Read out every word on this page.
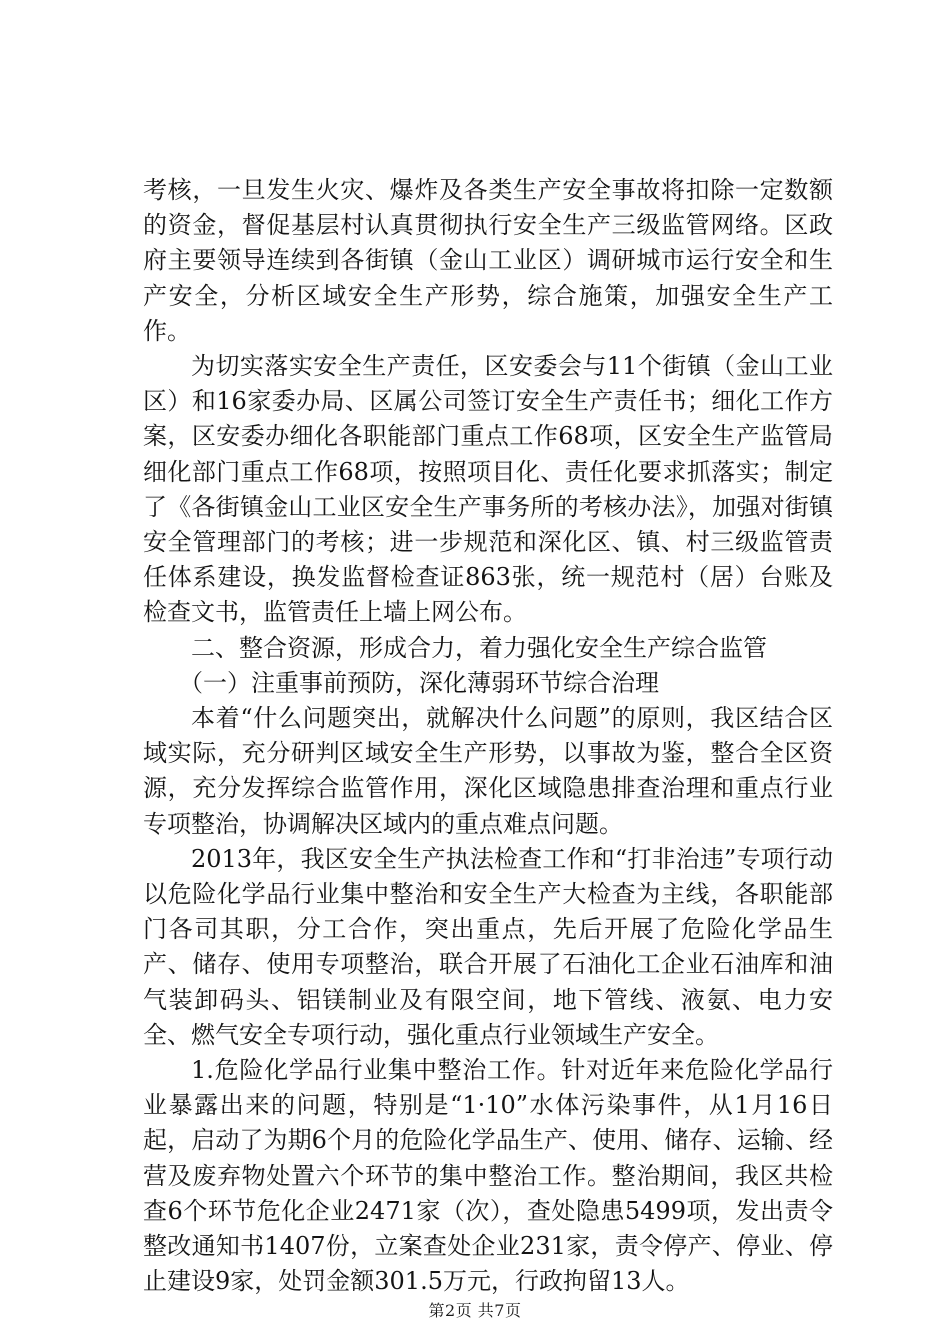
考核，一旦发生火灾、爆炸及各类生产安全事故将扣除一定数额的资金，督促基层村认真贯彻执行安全生产三级监管网络。区政府主要领导连续到各街镇（金山工业区）调研城市运行安全和生产安全，分析区域安全生产形势，综合施策，加强安全生产工作。

为切实落实安全生产责任，区安委会与11个街镇（金山工业区）和16家委办局、区属公司签订安全生产责任书；细化工作方案，区安委办细化各职能部门重点工作68项，区安全生产监管局细化部门重点工作68项，按照项目化、责任化要求抓落实；制定了《各街镇金山工业区安全生产事务所的考核办法》，加强对街镇安全管理部门的考核；进一步规范和深化区、镇、村三级监管责任体系建设，换发监督检查证863张，统一规范村（居）台账及检查文书，监管责任上墙上网公布。

二、整合资源，形成合力，着力强化安全生产综合监管

（一）注重事前预防，深化薄弱环节综合治理

本着“什么问题突出，就解决什么问题”的原则，我区结合区域实际，充分研判区域安全生产形势，以事故为鉴，整合全区资源，充分发挥综合监管作用，深化区域隐患排查治理和重点行业专项整治，协调解决区域内的重点难点问题。

2013年，我区安全生产执法检查工作和“打非治违”专项行动以危险化学品行业集中整治和安全生产大检查为主线，各职能部门各司其职，分工合作，突出重点，先后开展了危险化学品生产、储存、使用专项整治，联合开展了石油化工企业石油库和油气装卸码头、铝镁制业及有限空间，地下管线、液氨、电力安全、燃气安全专项行动，强化重点行业领域生产安全。

1.危险化学品行业集中整治工作。针对近年来危险化学品行业暴露出来的问题，特别是“1·10”水体污染事件，从1月16日起，启动了为期6个月的危险化学品生产、使用、储存、运输、经营及废弃物处置六个环节的集中整治工作。整治期间，我区共检查6个环节危化企业2471家（次），查处隐患5499项，发出责令整改通知书1407份，立案查处企业231家，责令停产、停业、停止建设9家，处罚金额301.5万元，行政拘留13人。

第2页 共7页
